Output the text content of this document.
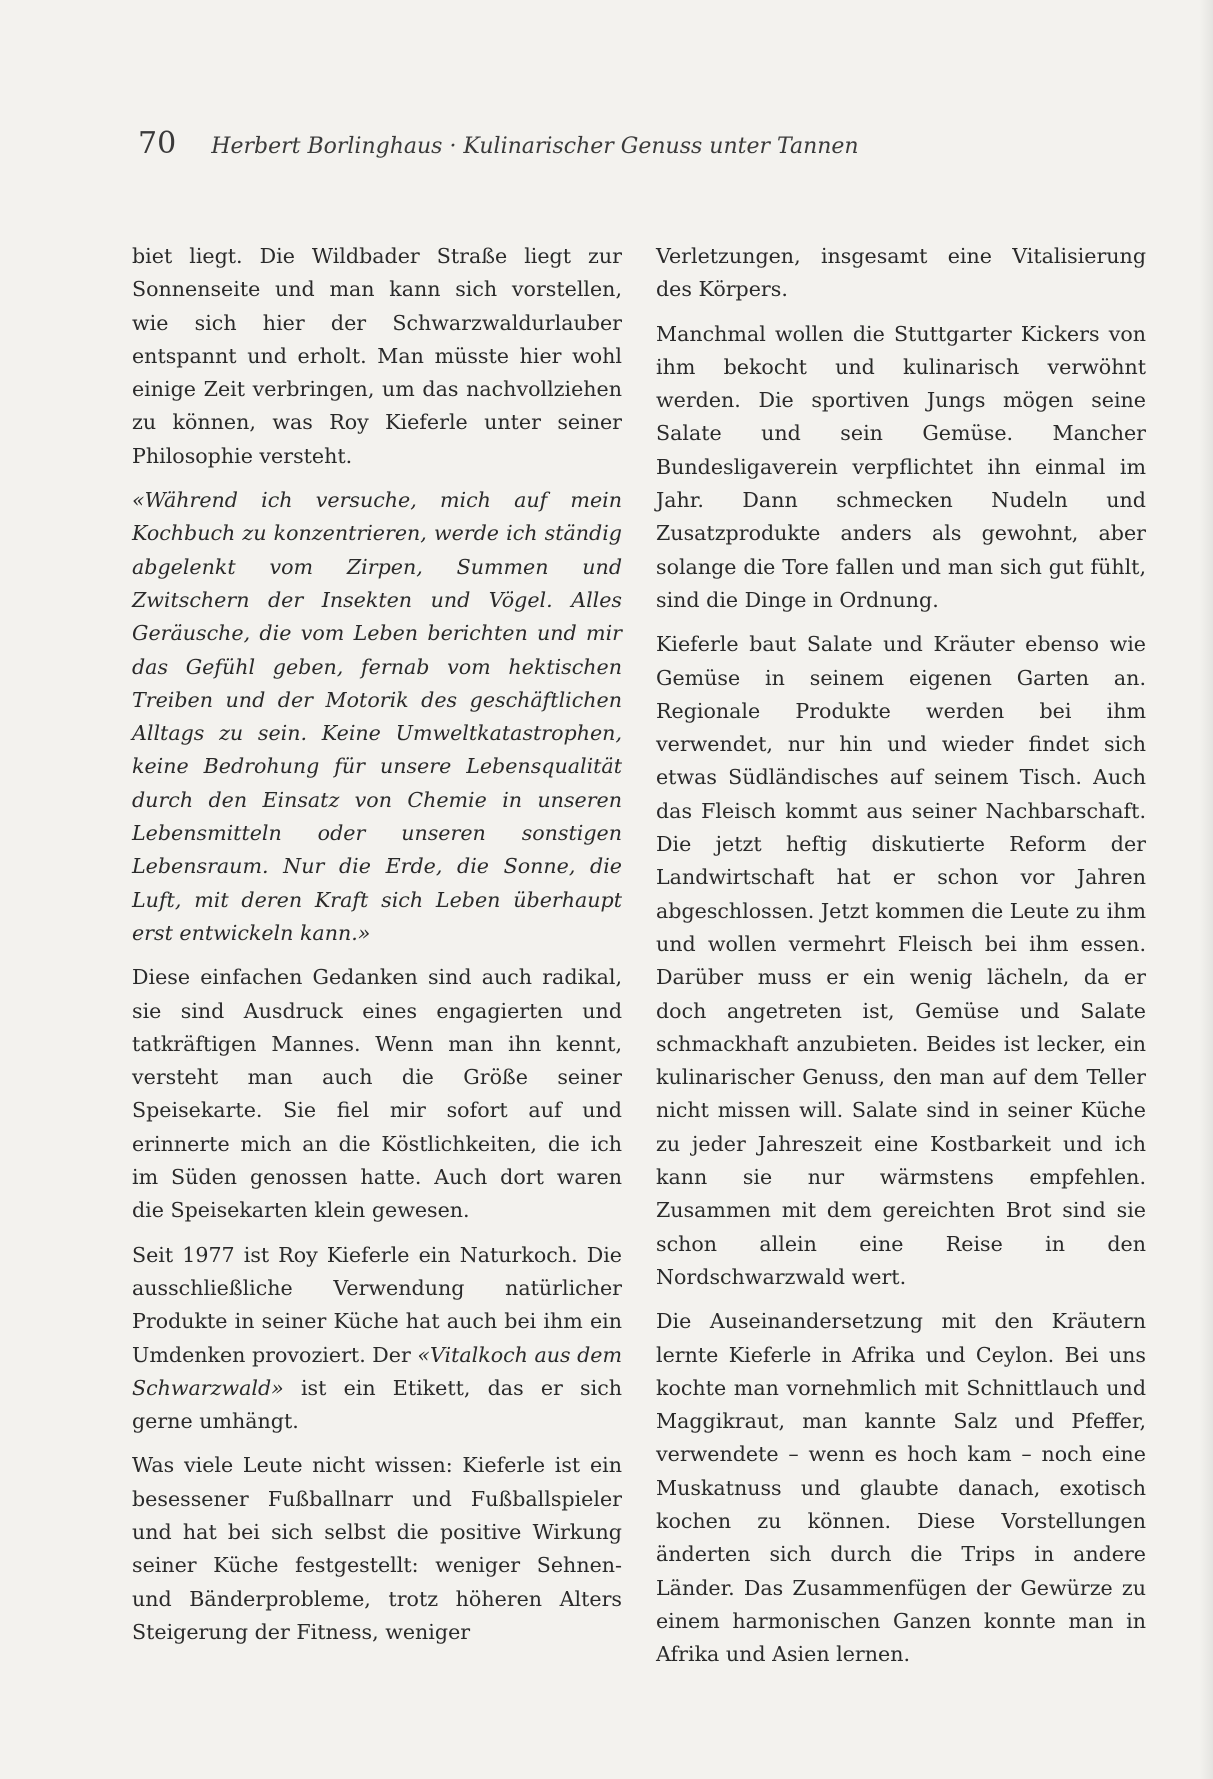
70 Herbert Borlinghaus · Kulinarischer Genuss unter Tannen

biet liegt. Die Wildbader Straße liegt zur Sonnenseite und man kann sich vorstellen, wie sich hier der Schwarzwaldurlauber entspannt und erholt. Man müsste hier wohl einige Zeit verbringen, um das nachvollziehen zu können, was Roy Kieferle unter seiner Philosophie versteht.

«Während ich versuche, mich auf mein Kochbuch zu konzentrieren, werde ich ständig abgelenkt vom Zirpen, Summen und Zwitschern der Insekten und Vögel. Alles Geräusche, die vom Leben berichten und mir das Gefühl geben, fernab vom hektischen Treiben und der Motorik des geschäftlichen Alltags zu sein. Keine Umweltkatastrophen, keine Bedrohung für unsere Lebensqualität durch den Einsatz von Chemie in unseren Lebensmitteln oder unseren sonstigen Lebensraum. Nur die Erde, die Sonne, die Luft, mit deren Kraft sich Leben überhaupt erst entwickeln kann.»

Diese einfachen Gedanken sind auch radikal, sie sind Ausdruck eines engagierten und tatkräftigen Mannes. Wenn man ihn kennt, versteht man auch die Größe seiner Speisekarte. Sie fiel mir sofort auf und erinnerte mich an die Köstlichkeiten, die ich im Süden genossen hatte. Auch dort waren die Speisekarten klein gewesen.

Seit 1977 ist Roy Kieferle ein Naturkoch. Die ausschließliche Verwendung natürlicher Produkte in seiner Küche hat auch bei ihm ein Umdenken provoziert. Der «Vitalkoch aus dem Schwarzwald» ist ein Etikett, das er sich gerne umhängt.

Was viele Leute nicht wissen: Kieferle ist ein besessener Fußballnarr und Fußballspieler und hat bei sich selbst die positive Wirkung seiner Küche festgestellt: weniger Sehnen- und Bänderprobleme, trotz höheren Alters Steigerung der Fitness, weniger

Verletzungen, insgesamt eine Vitalisierung des Körpers.

Manchmal wollen die Stuttgarter Kickers von ihm bekocht und kulinarisch verwöhnt werden. Die sportiven Jungs mögen seine Salate und sein Gemüse. Mancher Bundesligaverein verpflichtet ihn einmal im Jahr. Dann schmecken Nudeln und Zusatzprodukte anders als gewohnt, aber solange die Tore fallen und man sich gut fühlt, sind die Dinge in Ordnung.

Kieferle baut Salate und Kräuter ebenso wie Gemüse in seinem eigenen Garten an. Regionale Produkte werden bei ihm verwendet, nur hin und wieder findet sich etwas Südländisches auf seinem Tisch. Auch das Fleisch kommt aus seiner Nachbarschaft. Die jetzt heftig diskutierte Reform der Landwirtschaft hat er schon vor Jahren abgeschlossen. Jetzt kommen die Leute zu ihm und wollen vermehrt Fleisch bei ihm essen. Darüber muss er ein wenig lächeln, da er doch angetreten ist, Gemüse und Salate schmackhaft anzubieten. Beides ist lecker, ein kulinarischer Genuss, den man auf dem Teller nicht missen will. Salate sind in seiner Küche zu jeder Jahreszeit eine Kostbarkeit und ich kann sie nur wärmstens empfehlen. Zusammen mit dem gereichten Brot sind sie schon allein eine Reise in den Nordschwarzwald wert.

Die Auseinandersetzung mit den Kräutern lernte Kieferle in Afrika und Ceylon. Bei uns kochte man vornehmlich mit Schnittlauch und Maggikraut, man kannte Salz und Pfeffer, verwendete – wenn es hoch kam – noch eine Muskatnuss und glaubte danach, exotisch kochen zu können. Diese Vorstellungen änderten sich durch die Trips in andere Länder. Das Zusammenfügen der Gewürze zu einem harmonischen Ganzen konnte man in Afrika und Asien lernen.
